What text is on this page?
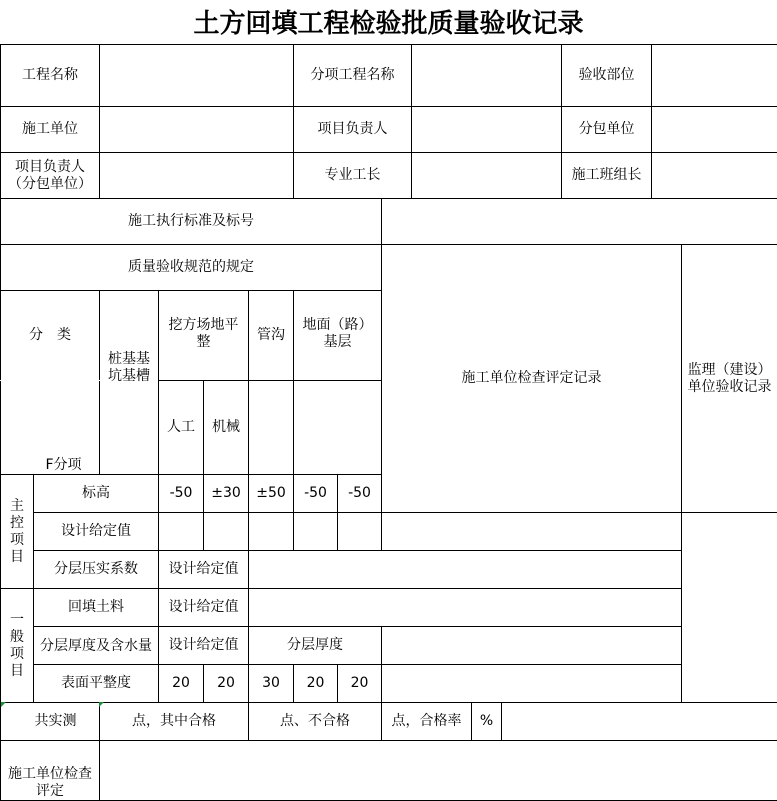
土方回填工程检验批质量验收记录
工程名称						分项工程名称						验收部位			
施工单位						项目负责人						分包单位			
项目负责人（分包单位）						专业工长						施工班组长			
施工执行标准及标号															
质量验收规范的规定								施工单位检查评定记录						监理（建设）单位验收记录	
分　类		桩基基坑基槽	挖方场地平整		管沟	地面（路）基层									
F分项			人工	机械											
主控项目	标高		-50	±30	±50	-50	-50											
	设计给定值														
	分层压实系数		设计给定值												
一般项目	回填土料		设计给定值												
	分层厚度及含水量		设计给定值		分层厚度										
	表面平整度		20	20	30	20	20								
共实测		点，其中合格			点、不合格			点，合格率		%					
施工单位检查评定															
